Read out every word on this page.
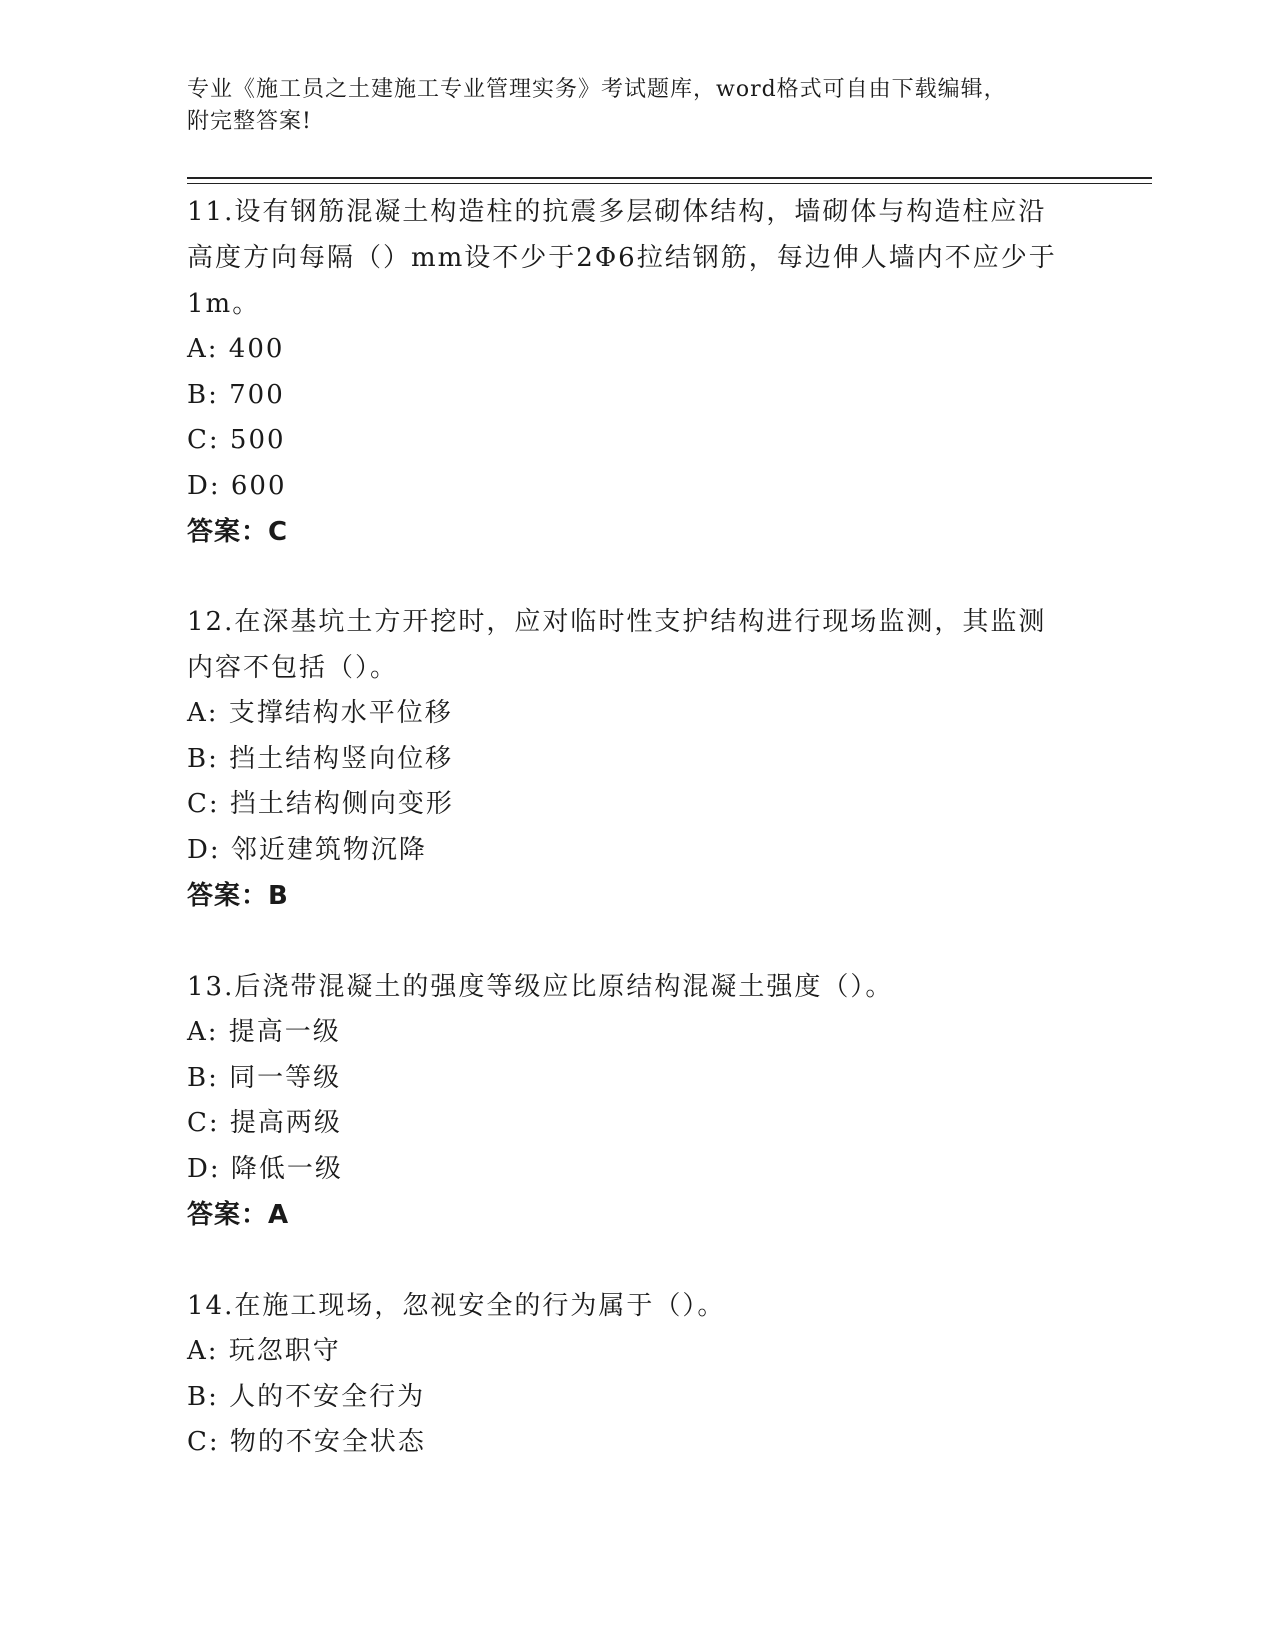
专业《施工员之土建施工专业管理实务》考试题库，word格式可自由下载编辑，
附完整答案!
11.设有钢筋混凝土构造柱的抗震多层砌体结构，墙砌体与构造柱应沿
高度方向每隔（）mm设不少于2Φ6拉结钢筋，每边伸人墙内不应少于
1m。
A: 400
B: 700
C: 500
D: 600
答案：C
12.在深基坑土方开挖时，应对临时性支护结构进行现场监测，其监测
内容不包括（）。
A: 支撑结构水平位移
B: 挡土结构竖向位移
C: 挡土结构侧向变形
D: 邻近建筑物沉降
答案：B
13.后浇带混凝土的强度等级应比原结构混凝土强度（）。
A: 提高一级
B: 同一等级
C: 提高两级
D: 降低一级
答案：A
14.在施工现场，忽视安全的行为属于（）。
A: 玩忽职守
B: 人的不安全行为
C: 物的不安全状态
